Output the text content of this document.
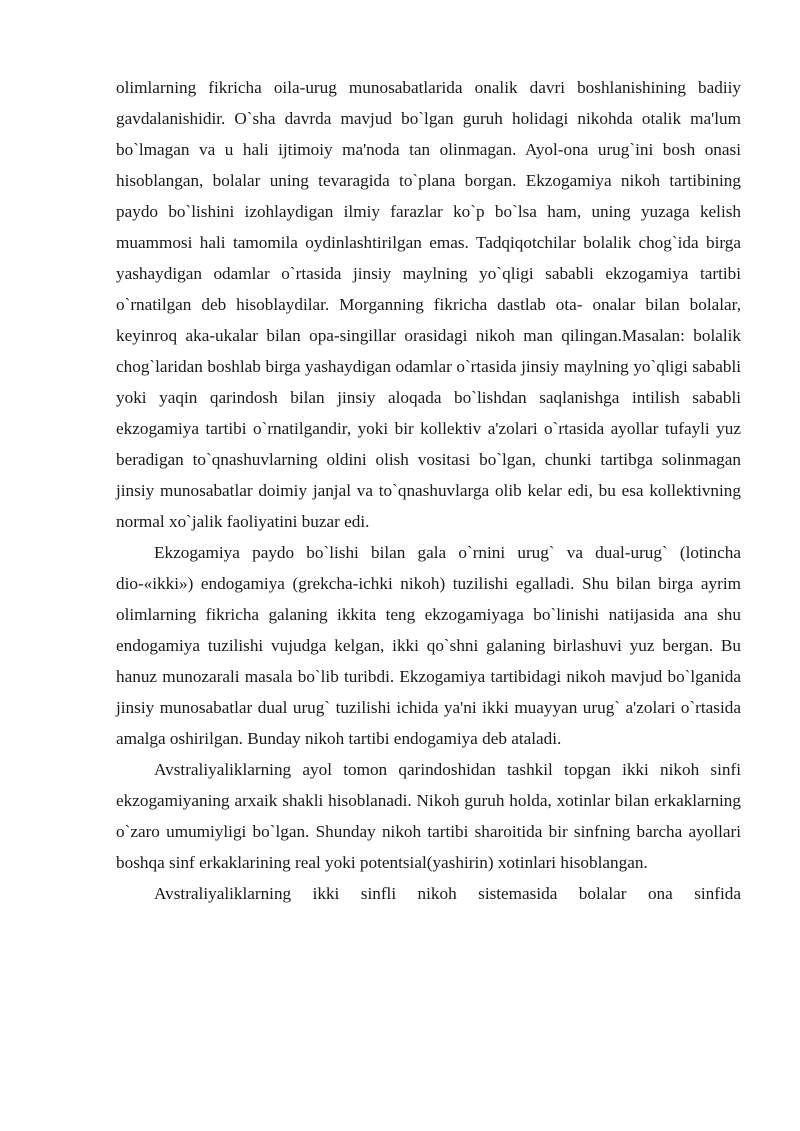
olimlarning fikricha oila-urug munosabatlarida onalik davri boshlanishining badiiy gavdalanishidir. O`sha davrda mavjud bo`lgan guruh holidagi nikohda otalik ma'lum bo`lmagan va u hali ijtimoiy ma'noda tan olinmagan. Ayol-ona urug`ini bosh onasi hisoblangan, bolalar uning tevaragida to`plana borgan. Ekzogamiya nikoh tartibining paydo bo`lishini izohlaydigan ilmiy farazlar ko`p bo`lsa ham, uning yuzaga kelish muammosi hali tamomila oydinlashtirilgan emas. Tadqiqotchilar bolalik chog`ida birga yashaydigan odamlar o`rtasida jinsiy maylning yo`qligi sababli ekzogamiya tartibi o`rnatilgan deb hisoblaydilar. Morganning fikricha dastlab ota- onalar bilan bolalar, keyinroq aka-ukalar bilan opa-singillar orasidagi nikoh man qilingan.Masalan: bolalik chog`laridan boshlab birga yashaydigan odamlar o`rtasida jinsiy maylning yo`qligi sababli yoki yaqin qarindosh bilan jinsiy aloqada bo`lishdan saqlanishga intilish sababli ekzogamiya tartibi o`rnatilgandir, yoki bir kollektiv a'zolari o`rtasida ayollar tufayli yuz beradigan to`qnashuvlarning oldini olish vositasi bo`lgan, chunki tartibga solinmagan jinsiy munosabatlar doimiy janjal va to`qnashuvlarga olib kelar edi, bu esa kollektivning normal xo`jalik faoliyatini buzar edi.

Ekzogamiya paydo bo`lishi bilan gala o`rnini urug` va dual-urug` (lotincha dio-«ikki») endogamiya (grekcha-ichki nikoh) tuzilishi egalladi. Shu bilan birga ayrim olimlarning fikricha galaning ikkita teng ekzogamiyaga bo`linishi natijasida ana shu endogamiya tuzilishi vujudga kelgan, ikki qo`shni galaning birlashuvi yuz bergan. Bu hanuz munozarali masala bo`lib turibdi. Ekzogamiya tartibidagi nikoh mavjud bo`lganida jinsiy munosabatlar dual urug` tuzilishi ichida ya'ni ikki muayyan urug` a'zolari o`rtasida amalga oshirilgan. Bunday nikoh tartibi endogamiya deb ataladi.

Avstraliyaliklarning ayol tomon qarindoshidan tashkil topgan ikki nikoh sinfi ekzogamiyaning arxaik shakli hisoblanadi. Nikoh guruh holda, xotinlar bilan erkaklarning o`zaro umumiyligi bo`lgan. Shunday nikoh tartibi sharoitida bir sinfning barcha ayollari boshqa sinf erkaklarining real yoki potentsial(yashirin) xotinlari hisoblangan.

Avstraliyaliklarning ikki sinfli nikoh sistemasida bolalar ona sinfida
